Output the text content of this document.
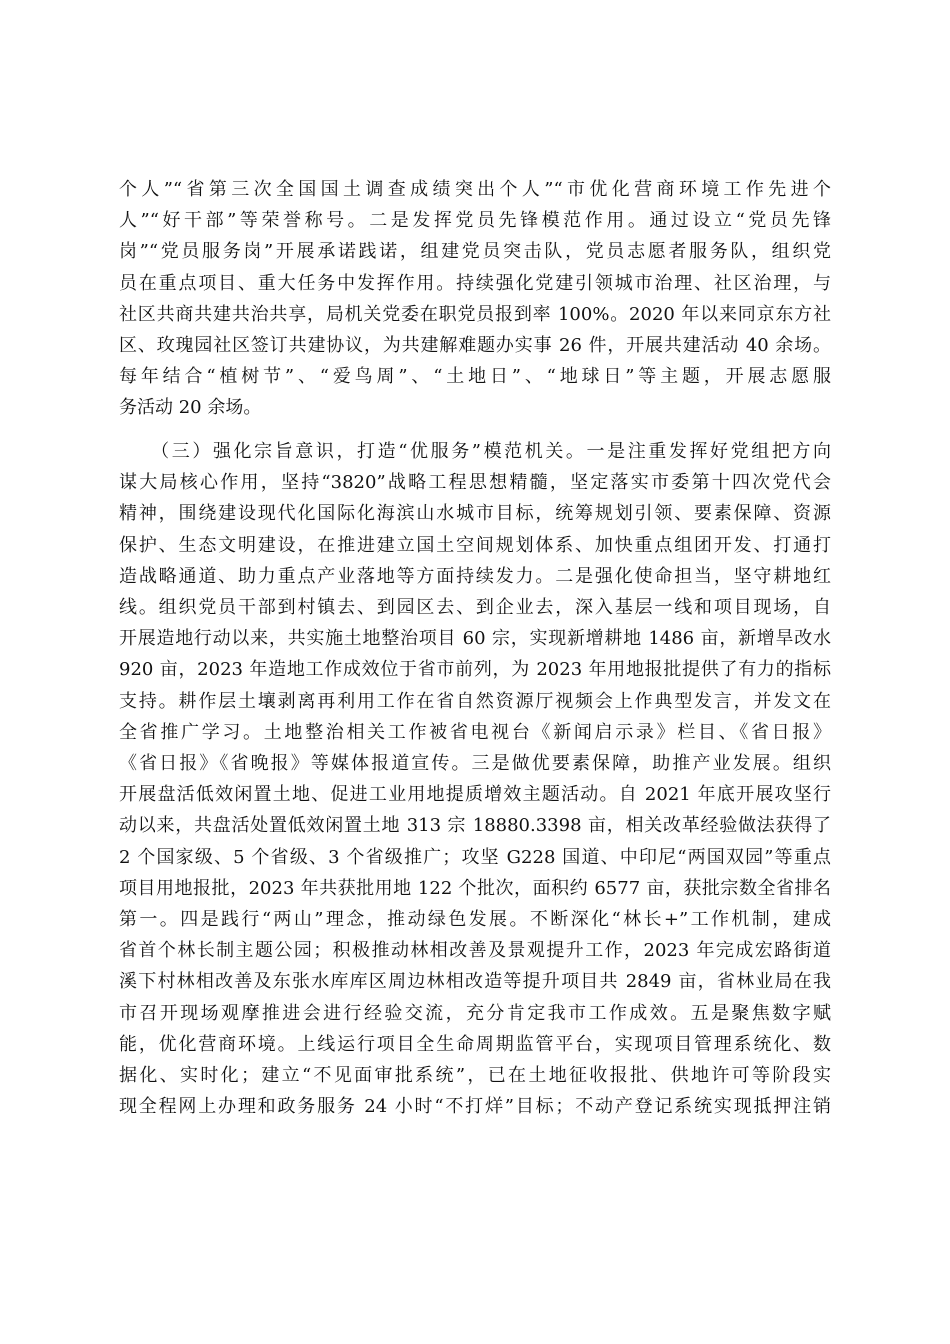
个人”“省第三次全国国土调查成绩突出个人”“市优化营商环境工作先进个
人”“好干部”等荣誉称号。二是发挥党员先锋模范作用。通过设立“党员先锋
岗”“党员服务岗”开展承诺践诺，组建党员突击队，党员志愿者服务队，组织党
员在重点项目、重大任务中发挥作用。持续强化党建引领城市治理、社区治理，与
社区共商共建共治共享，局机关党委在职党员报到率 100%。2020 年以来同京东方社
区、玫瑰园社区签订共建协议，为共建解难题办实事 26 件，开展共建活动 40 余场。
每年结合“植树节”、“爱鸟周”、“土地日”、“地球日”等主题，开展志愿服
务活动 20 余场。
　　（三）强化宗旨意识，打造“优服务”模范机关。一是注重发挥好党组把方向
谋大局核心作用，坚持“3820”战略工程思想精髓，坚定落实市委第十四次党代会
精神，围绕建设现代化国际化海滨山水城市目标，统筹规划引领、要素保障、资源
保护、生态文明建设，在推进建立国土空间规划体系、加快重点组团开发、打通打
造战略通道、助力重点产业落地等方面持续发力。二是强化使命担当，坚守耕地红
线。组织党员干部到村镇去、到园区去、到企业去，深入基层一线和项目现场，自
开展造地行动以来，共实施土地整治项目 60 宗，实现新增耕地 1486 亩，新增旱改水
920 亩，2023 年造地工作成效位于省市前列，为 2023 年用地报批提供了有力的指标
支持。耕作层土壤剥离再利用工作在省自然资源厅视频会上作典型发言，并发文在
全省推广学习。土地整治相关工作被省电视台《新闻启示录》栏目、《省日报》
《省日报》《省晚报》等媒体报道宣传。三是做优要素保障，助推产业发展。组织
开展盘活低效闲置土地、促进工业用地提质增效主题活动。自 2021 年底开展攻坚行
动以来，共盘活处置低效闲置土地 313 宗 18880.3398 亩，相关改革经验做法获得了
2 个国家级、5 个省级、3 个省级推广；攻坚 G228 国道、中印尼“两国双园”等重点
项目用地报批，2023 年共获批用地 122 个批次，面积约 6577 亩，获批宗数全省排名
第一。四是践行“两山”理念，推动绿色发展。不断深化“林长+”工作机制，建成
省首个林长制主题公园；积极推动林相改善及景观提升工作，2023 年完成宏路街道
溪下村林相改善及东张水库库区周边林相改造等提升项目共 2849 亩，省林业局在我
市召开现场观摩推进会进行经验交流，充分肯定我市工作成效。五是聚焦数字赋
能，优化营商环境。上线运行项目全生命周期监管平台，实现项目管理系统化、数
据化、实时化；建立“不见面审批系统”，已在土地征收报批、供地许可等阶段实
现全程网上办理和政务服务 24 小时“不打烊”目标；不动产登记系统实现抵押注销
